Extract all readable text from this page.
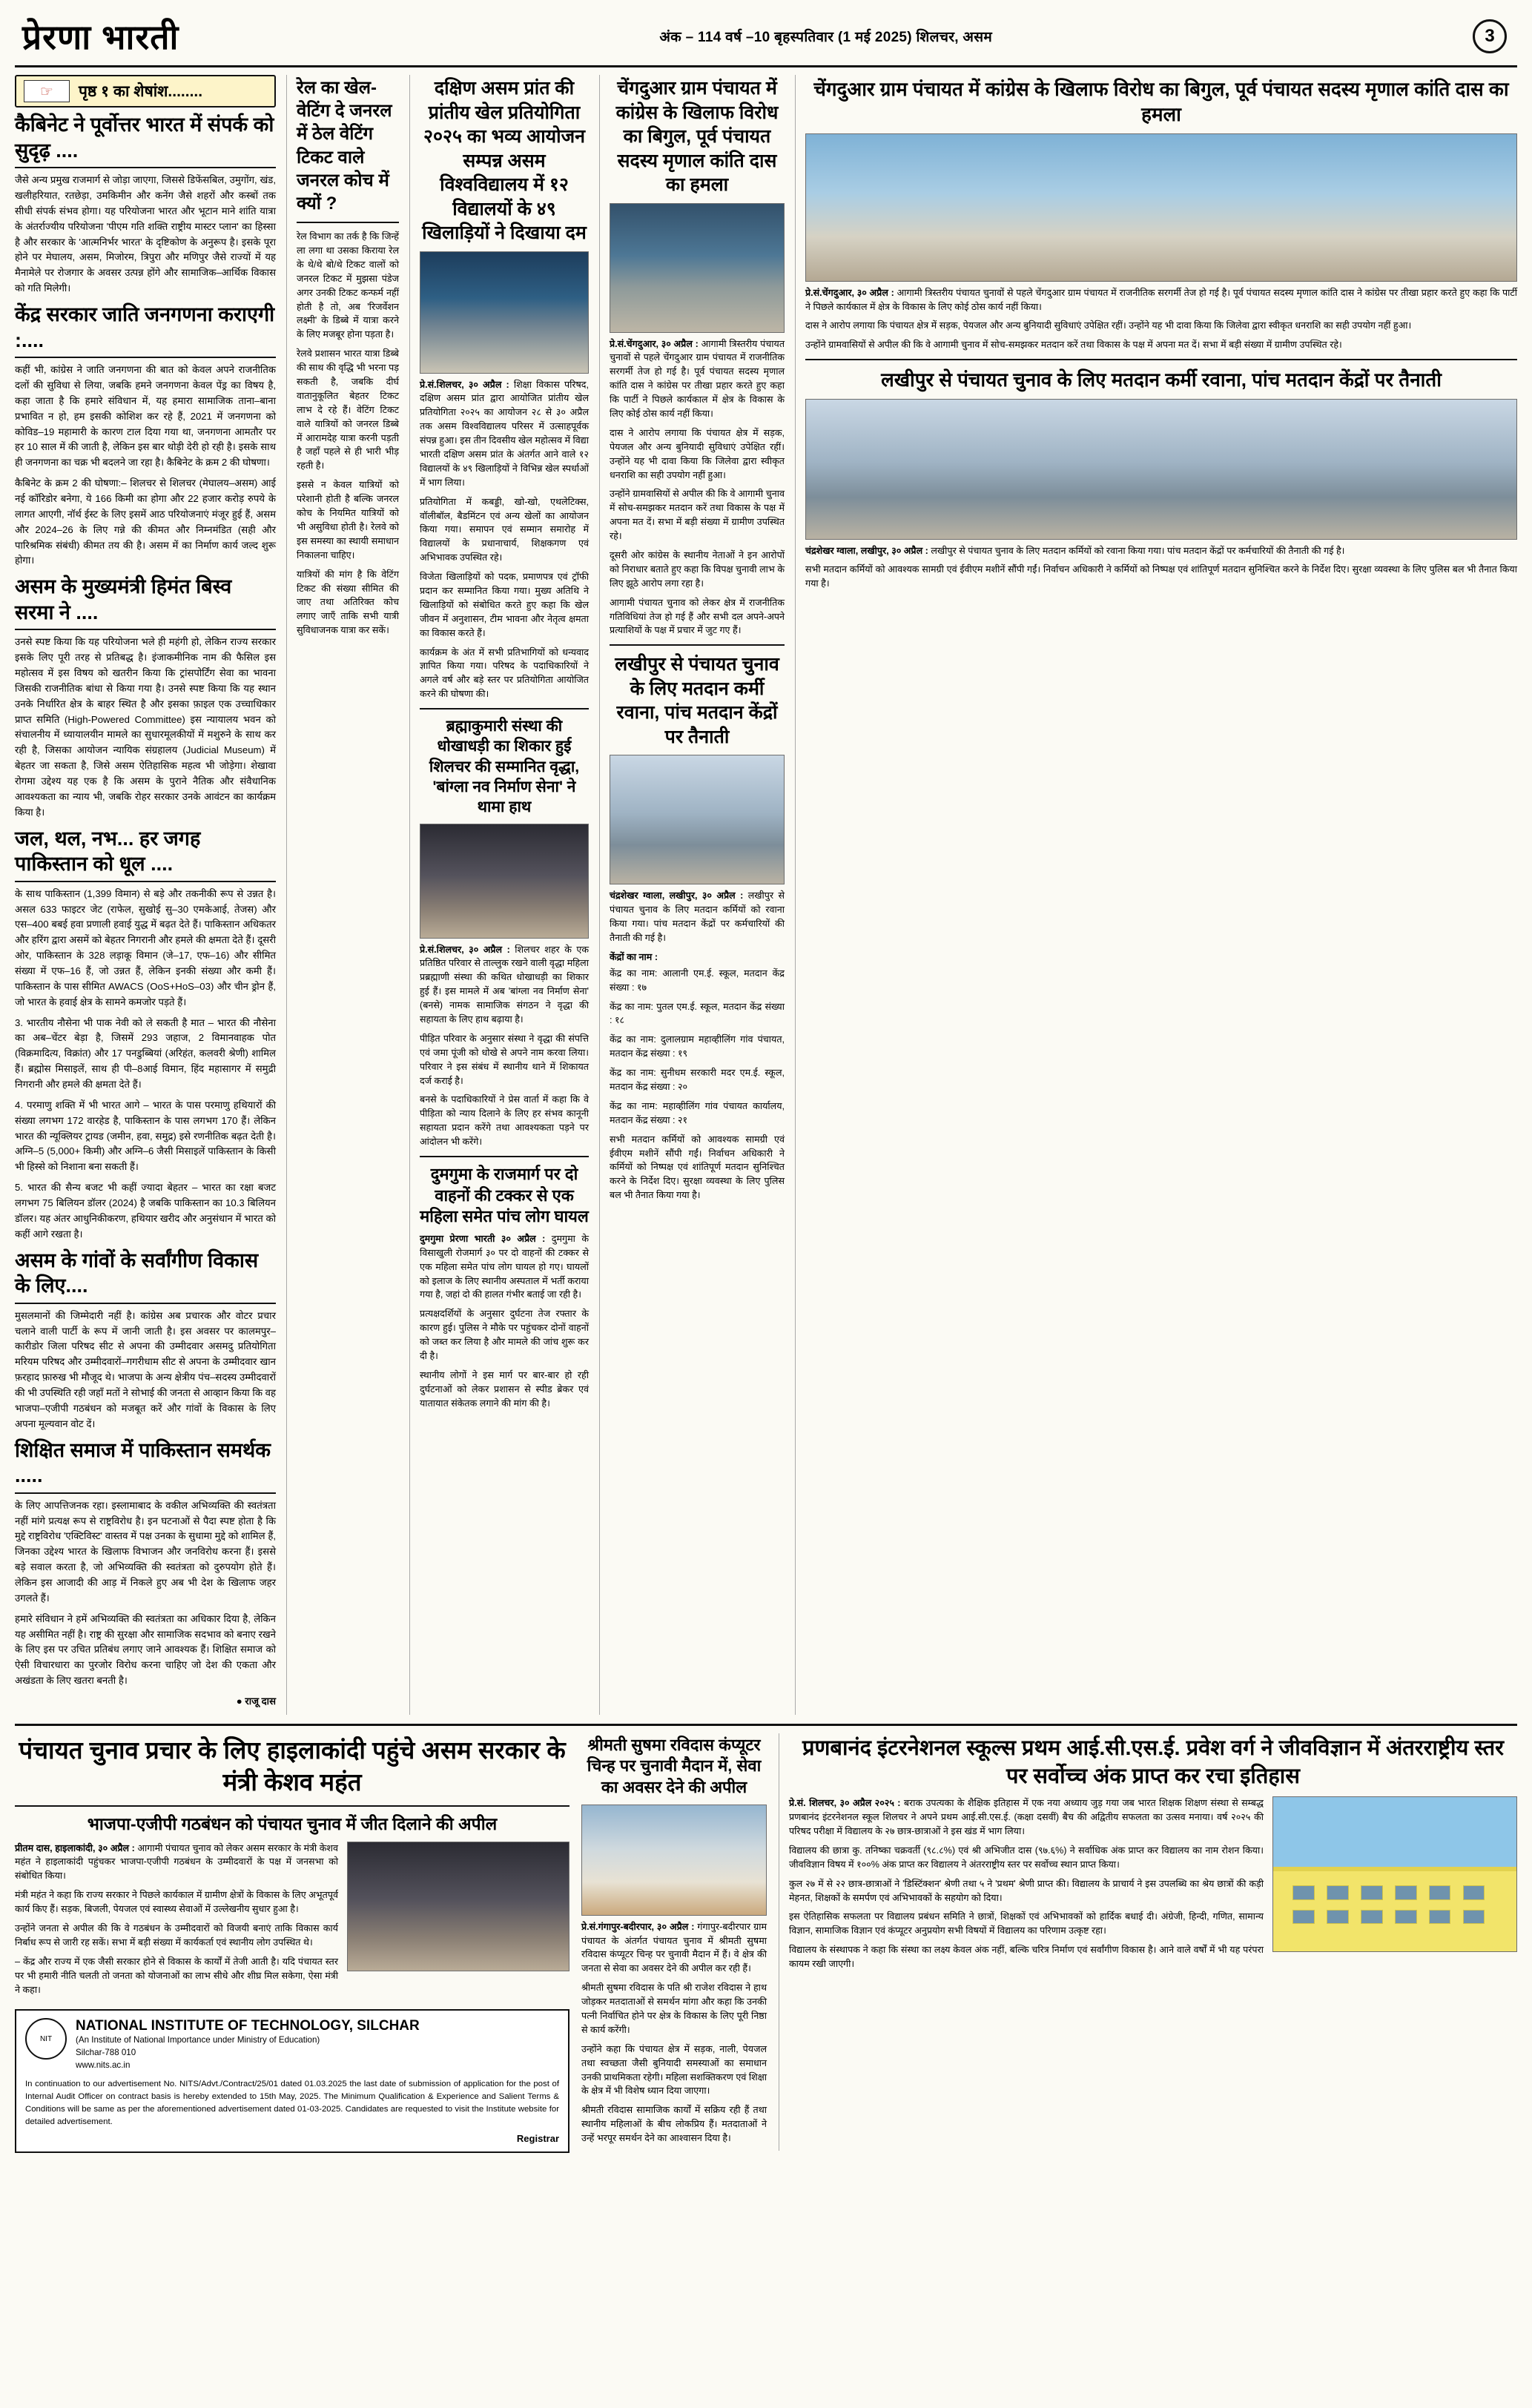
प्रेरणा भारती	अंक – 114 वर्ष –10 बृहस्पतिवार (1 मई 2025) शिलचर, असम	3
☞	पृष्ठ १ का शेषांश........
कैबिनेट ने पूर्वोत्तर भारत में संपर्क को सुदृढ़ ....

जैसे अन्य प्रमुख राजमार्ग से जोड़ा जाएगा, जिससे डिफेंसबिल, उमुगोंग, खंड, खलीहरियात, रतछेड़ा, उमकिमीन और कनेंग जैसे शहरों और कस्बों तक सीधी संपर्क संभव होगा। यह परियोजना भारत और भूटान माने शांति यात्रा के अंतर्राज्यीय परियोजना 'पीएम गति शक्ति राष्ट्रीय मास्टर प्लान' का हिस्सा है और सरकार के 'आत्मनिर्भर भारत' के दृष्टिकोण के अनुरूप है। इसके पूरा होने पर मेघालय, असम, मिजोरम, त्रिपुरा और मणिपुर जैसे राज्यों में यह मैनामेले पर रोजगार के अवसर उत्पन्न होंगे और सामाजिक–आर्थिक विकास को गति मिलेगी।

केंद्र सरकार जाति जनगणना कराएगी :....

कहीं भी, कांग्रेस ने जाति जनगणना की बात को केवल अपने राजनीतिक दलों की सुविधा से लिया, जबकि हमने जनगणना केवल पेंड्र का विषय है, कहा जाता है कि हमारे संविधान में, यह हमारा सामाजिक ताना–बाना प्रभावित न हो, हम इसकी कोशिश कर रहे हैं, 2021 में जनगणना को कोविड–19 महामारी के कारण टाल दिया गया था, जनगणना आमतौर पर हर 10 साल में की जाती है, लेकिन इस बार थोड़ी देरी हो रही है। इसके साथ ही जनगणना का चक्र भी बदलने जा रहा है। कैबिनेट के क्रम 2 की घोषणा।

कैबिनेट के क्रम 2 की घोषणा:– शिलचर से शिलचर (मेघालय–असम) आई नई कॉरिडोर बनेगा, ये 166 किमी का होगा और 22 हजार करोड़ रुपये के लागत आएगी, नॉर्थ ईस्ट के लिए इसमें आठ परियोजनाएं मंजूर हुई हैं, असम और 2024–26 के लिए गन्ने की कीमत और निम्नमंडित (सही और पारिश्रमिक संबंधी) कीमत तय की है। असम में का निर्माण कार्य जल्द शुरू होगा।

असम के मुख्यमंत्री हिमंत बिस्व सरमा ने ....

उनसे स्पष्ट किया कि यह परियोजना भले ही महंगी हो, लेकिन राज्य सरकार इसके लिए पूरी तरह से प्रतिबद्ध है। इंजाकमीनिक नाम की फैसिल इस महोत्सव में इस विषय को खतरीन किया कि ट्रांसपोर्टिंग सेवा का भावना जिसकी राजनीतिक बांधा से किया गया है। उनसे स्पष्ट किया कि यह स्थान उनके निर्धारित क्षेत्र के बाहर स्थित है और इसका फ़ाइल एक उच्चाधिकार प्राप्त समिति (High-Powered Committee) इस न्यायालय भवन को संचालनीय में ध्यायालयीन मामले का सुधारमूलकीयों में मशुरुने के साथ कर रही है, जिसका आयोजन न्यायिक संग्रहालय (Judicial Museum) में बेहतर जा सकता है, जिसे असम ऐतिहासिक महत्व भी जोड़ेगा। शेखावा रोगमा उद्देश्य यह एक है कि असम के पुराने नैतिक और संवैधानिक आवश्यकता का न्याय भी, जबकि रोहर सरकार उनके आवंटन का कार्यक्रम किया है।

जल, थल, नभ... हर जगह पाकिस्तान को धूल ....

के साथ पाकिस्तान (1,399 विमान) से बड़े और तकनीकी रूप से उन्नत है। असल 633 फाइटर जेट (राफेल, सुखोई सु–30 एमकेआई, तेजस) और एस–400 बबई हवा प्रणाली हवाई युद्ध में बढ़त देते हैं। पाकिस्तान अधिकतर और हरिंग द्वारा असमें को बेहतर निगरानी और हमले की क्षमता देते हैं। दूसरी ओर, पाकिस्तान के 328 लड़ाकू विमान (जे–17, एफ–16) और सीमित संख्या में एफ–16 हैं, जो उन्नत हैं, लेकिन इनकी संख्या और कमी हैं। पाकिस्तान के पास सीमित AWACS (OoS+HoS–03) और चीन ड्रोन हैं, जो भारत के हवाई क्षेत्र के सामने कमजोर पड़ते हैं।

3. भारतीय नौसेना भी पाक नेवी को ले सकती है मात – भारत की नौसेना का अब–चेंटर बेड़ा है, जिसमें 293 जहाज, 2 विमानवाहक पोत (विक्रमादित्य, विक्रांत) और 17 पनडुब्बियां (अरिहंत, कलवरी श्रेणी) शामिल हैं। ब्रह्मोस मिसाइलें, साथ ही पी–8आई विमान, हिंद महासागर में समुद्री निगरानी और हमले की क्षमता देते हैं।

4. परमाणु शक्ति में भी भारत आगे – भारत के पास परमाणु हथियारों की संख्या लगभग 172 वारहेड है, पाकिस्तान के पास लगभग 170 हैं। लेकिन भारत की न्यूक्लियर ट्रायड (जमीन, हवा, समुद्र) इसे रणनीतिक बढ़त देती है। अग्नि–5 (5,000+ किमी) और अग्नि–6 जैसी मिसाइलें पाकिस्तान के किसी भी हिस्से को निशाना बना सकती हैं।

5. भारत की सैन्य बजट भी कहीं ज्यादा बेहतर – भारत का रक्षा बजट लगभग 75 बिलियन डॉलर (2024) है जबकि पाकिस्तान का 10.3 बिलियन डॉलर। यह अंतर आधुनिकीकरण, हथियार खरीद और अनुसंधान में भारत को कहीं आगे रखता है।

असम के गांवों के सर्वांगीण विकास के लिए....

मुसलमानों की जिम्मेदारी नहीं है। कांग्रेस अब प्रचारक और वोटर प्रचार चलाने वाली पार्टी के रूप में जानी जाती है। इस अवसर पर कालमपुर–कारीडोर जिला परिषद सीट से अपना की उम्मीदवार असमदु प्रतियोगिता मरियम परिषद और उम्मीदवारों–गगरीधाम सीट से अपना के उम्मीदवार खान फ़रहाद फ़ारुख भी मौजूद थे। भाजपा के अन्य क्षेत्रीय पंच–सदस्य उम्मीदवारों की भी उपस्थिति रही जहाँ मतों ने सोभाई की जनता से आव्हान किया कि वह भाजपा–एजीपी गठबंधन को मजबूत करें और गांवों के विकास के लिए अपना मूल्यवान वोट दें।

शिक्षित समाज में पाकिस्तान समर्थक .....

के लिए आपत्तिजनक रहा। इस्लामाबाद के वकील अभिव्यक्ति की स्वतंत्रता नहीं मांगे प्रत्यक्ष रूप से राष्ट्रविरोध है। इन घटनाओं से पैदा स्पष्ट होता है कि मुद्दे राष्ट्रविरोध 'एक्टिविस्ट' वास्तव में पक्ष उनका के सुधामा मुद्दे को शामिल हैं, जिनका उद्देश्य भारत के खिलाफ विभाजन और जनविरोध करना हैं। इससे बड़े सवाल करता है, जो अभिव्यक्ति की स्वतंत्रता को दुरुपयोग होते हैं। लेकिन इस आजादी की आड़ में निकले हुए अब भी देश के खिलाफ जहर उगलते हैं।

हमारे संविधान ने हमें अभिव्यक्ति की स्वतंत्रता का अधिकार दिया है, लेकिन यह असीमित नहीं है। राष्ट्र की सुरक्षा और सामाजिक सदभाव को बनाए रखने के लिए इस पर उचित प्रतिबंध लगाए जाने आवश्यक हैं। शिक्षित समाज को ऐसी विचारधारा का पुरजोर विरोध करना चाहिए जो देश की एकता और अखंडता के लिए खतरा बनती है।

● राजू दास

रेल का खेल-वेटिंग दे जनरल में ठेल वेटिंग टिकट वाले जनरल कोच में क्यों ?

रेल विभाग का तर्क है कि जिन्हें ला लगा था उसका किराया रेल के थे/थे बो/थे टिकट वालों को जनरल टिकट में मुझसा पंडेज अगर उनकी टिकट कन्फर्म नहीं होती है तो, अब 'रिजर्वेशन लक्ष्मी' के डिब्बे में यात्रा करने के लिए मजबूर होना पड़ता है।

रेलवे प्रशासन भारत यात्रा डिब्बे की साथ की वृद्धि भी भरना पड़ सकती है, जबकि दीर्घ वातानुकूलित बेहतर टिकट लाभ दे रहे हैं। वेटिंग टिकट वाले यात्रियों को जनरल डिब्बे में आरामदेह यात्रा करनी पड़ती है जहाँ पहले से ही भारी भीड़ रहती है।

इससे न केवल यात्रियों को परेशानी होती है बल्कि जनरल कोच के नियमित यात्रियों को भी असुविधा होती है। रेलवे को इस समस्या का स्थायी समाधान निकालना चाहिए।

यात्रियों की मांग है कि वेटिंग टिकट की संख्या सीमित की जाए तथा अतिरिक्त कोच लगाए जाएँ ताकि सभी यात्री सुविधाजनक यात्रा कर सकें।

दक्षिण असम प्रांत की प्रांतीय खेल प्रतियोगिता २०२५ का भव्य आयोजन सम्पन्न असम विश्वविद्यालय में १२ विद्यालयों के ४९ खिलाड़ियों ने दिखाया दम

प्रे.सं.शिलचर, ३० अप्रैल : शिक्षा विकास परिषद, दक्षिण असम प्रांत द्वारा आयोजित प्रांतीय खेल प्रतियोगिता २०२५ का आयोजन २८ से ३० अप्रैल तक असम विश्वविद्यालय परिसर में उत्साहपूर्वक संपन्न हुआ। इस तीन दिवसीय खेल महोत्सव में विद्या भारती दक्षिण असम प्रांत के अंतर्गत आने वाले १२ विद्यालयों के ४९ खिलाड़ियों ने विभिन्न खेल स्पर्धाओं में भाग लिया।

प्रतियोगिता में कबड्डी, खो-खो, एथलेटिक्स, वॉलीबॉल, बैडमिंटन एवं अन्य खेलों का आयोजन किया गया। समापन एवं सम्मान समारोह में विद्यालयों के प्रधानाचार्य, शिक्षकगण एवं अभिभावक उपस्थित रहे।

विजेता खिलाड़ियों को पदक, प्रमाणपत्र एवं ट्रॉफी प्रदान कर सम्मानित किया गया। मुख्य अतिथि ने खिलाड़ियों को संबोधित करते हुए कहा कि खेल जीवन में अनुशासन, टीम भावना और नेतृत्व क्षमता का विकास करते हैं।

कार्यक्रम के अंत में सभी प्रतिभागियों को धन्यवाद ज्ञापित किया गया। परिषद के पदाधिकारियों ने अगले वर्ष और बड़े स्तर पर प्रतियोगिता आयोजित करने की घोषणा की।

ब्रह्माकुमारी संस्था की धोखाधड़ी का शिकार हुई शिलचर की सम्मानित वृद्धा, 'बांग्ला नव निर्माण सेना' ने थामा हाथ

प्रे.सं.शिलचर, ३० अप्रैल : शिलचर शहर के एक प्रतिष्ठित परिवार से ताल्लुक रखने वाली वृद्धा महिला प्रब्रह्माणी संस्था की कथित धोखाधड़ी का शिकार हुई हैं। इस मामले में अब 'बांग्ला नव निर्माण सेना' (बनसे) नामक सामाजिक संगठन ने वृद्धा की सहायता के लिए हाथ बढ़ाया है।

पीड़ित परिवार के अनुसार संस्था ने वृद्धा की संपत्ति एवं जमा पूंजी को धोखे से अपने नाम करवा लिया। परिवार ने इस संबंध में स्थानीय थाने में शिकायत दर्ज कराई है।

बनसे के पदाधिकारियों ने प्रेस वार्ता में कहा कि वे पीड़िता को न्याय दिलाने के लिए हर संभव कानूनी सहायता प्रदान करेंगे तथा आवश्यकता पड़ने पर आंदोलन भी करेंगे।

दुमगुमा के राजमार्ग पर दो वाहनों की टक्कर से एक महिला समेत पांच लोग घायल

दुमगुमा प्रेरणा भारती ३० अप्रैल : दुमगुमा के विसाखुली रोजमार्ग ३० पर दो वाहनों की टक्कर से एक महिला समेत पांच लोग घायल हो गए। घायलों को इलाज के लिए स्थानीय अस्पताल में भर्ती कराया गया है, जहां दो की हालत गंभीर बताई जा रही है।

प्रत्यक्षदर्शियों के अनुसार दुर्घटना तेज रफ्तार के कारण हुई। पुलिस ने मौके पर पहुंचकर दोनों वाहनों को जब्त कर लिया है और मामले की जांच शुरू कर दी है।

स्थानीय लोगों ने इस मार्ग पर बार-बार हो रही दुर्घटनाओं को लेकर प्रशासन से स्पीड ब्रेकर एवं यातायात संकेतक लगाने की मांग की है।

चेंगदुआर ग्राम पंचायत में कांग्रेस के खिलाफ विरोध का बिगुल, पूर्व पंचायत सदस्य मृणाल कांति दास का हमला

प्रे.सं.चेंगदुआर, ३० अप्रैल : आगामी त्रिस्तरीय पंचायत चुनावों से पहले चेंगदुआर ग्राम पंचायत में राजनीतिक सरगर्मी तेज हो गई है। पूर्व पंचायत सदस्य मृणाल कांति दास ने कांग्रेस पर तीखा प्रहार करते हुए कहा कि पार्टी ने पिछले कार्यकाल में क्षेत्र के विकास के लिए कोई ठोस कार्य नहीं किया।

दास ने आरोप लगाया कि पंचायत क्षेत्र में सड़क, पेयजल और अन्य बुनियादी सुविधाएं उपेक्षित रहीं। उन्होंने यह भी दावा किया कि जिलेवा द्वारा स्वीकृत धनराशि का सही उपयोग नहीं हुआ।

उन्होंने ग्रामवासियों से अपील की कि वे आगामी चुनाव में सोच-समझकर मतदान करें तथा विकास के पक्ष में अपना मत दें। सभा में बड़ी संख्या में ग्रामीण उपस्थित रहे।

दूसरी ओर कांग्रेस के स्थानीय नेताओं ने इन आरोपों को निराधार बताते हुए कहा कि विपक्ष चुनावी लाभ के लिए झूठे आरोप लगा रहा है।

आगामी पंचायत चुनाव को लेकर क्षेत्र में राजनीतिक गतिविधियां तेज हो गई हैं और सभी दल अपने-अपने प्रत्याशियों के पक्ष में प्रचार में जुट गए हैं।

लखीपुर से पंचायत चुनाव के लिए मतदान कर्मी रवाना, पांच मतदान केंद्रों पर तैनाती

चंद्रशेखर ग्वाला, लखीपुर, ३० अप्रैल : लखीपुर से पंचायत चुनाव के लिए मतदान कर्मियों को रवाना किया गया। पांच मतदान केंद्रों पर कर्मचारियों की तैनाती की गई है।

केंद्रों का नाम :

केंद्र का नाम: आलानी एम.ई. स्कूल, मतदान केंद्र संख्या : १७

केंद्र का नाम: पुतल एम.ई. स्कूल, मतदान केंद्र संख्या : १८

केंद्र का नाम: दुलालग्राम महाव्हीलिंग गांव पंचायत, मतदान केंद्र संख्या : १९

केंद्र का नाम: सुनीधम सरकारी मदर एम.ई. स्कूल, मतदान केंद्र संख्या : २०

केंद्र का नाम: महाव्हीलिंग गांव पंचायत कार्यालय, मतदान केंद्र संख्या : २१

सभी मतदान कर्मियों को आवश्यक सामग्री एवं ईवीएम मशीनें सौंपी गईं। निर्वाचन अधिकारी ने कर्मियों को निष्पक्ष एवं शांतिपूर्ण मतदान सुनिश्चित करने के निर्देश दिए। सुरक्षा व्यवस्था के लिए पुलिस बल भी तैनात किया गया है।

चेंगदुआर ग्राम पंचायत में कांग्रेस के खिलाफ विरोध का बिगुल, पूर्व पंचायत सदस्य मृणाल कांति दास का हमला

प्रे.सं.चेंगदुआर, ३० अप्रैल : आगामी त्रिस्तरीय पंचायत चुनावों से पहले चेंगदुआर ग्राम पंचायत में राजनीतिक सरगर्मी तेज हो गई है। पूर्व पंचायत सदस्य मृणाल कांति दास ने कांग्रेस पर तीखा प्रहार करते हुए कहा कि पार्टी ने पिछले कार्यकाल में क्षेत्र के विकास के लिए कोई ठोस कार्य नहीं किया।

दास ने आरोप लगाया कि पंचायत क्षेत्र में सड़क, पेयजल और अन्य बुनियादी सुविधाएं उपेक्षित रहीं। उन्होंने यह भी दावा किया कि जिलेवा द्वारा स्वीकृत धनराशि का सही उपयोग नहीं हुआ।

उन्होंने ग्रामवासियों से अपील की कि वे आगामी चुनाव में सोच-समझकर मतदान करें तथा विकास के पक्ष में अपना मत दें। सभा में बड़ी संख्या में ग्रामीण उपस्थित रहे।

लखीपुर से पंचायत चुनाव के लिए मतदान कर्मी रवाना, पांच मतदान केंद्रों पर तैनाती

चंद्रशेखर ग्वाला, लखीपुर, ३० अप्रैल : लखीपुर से पंचायत चुनाव के लिए मतदान कर्मियों को रवाना किया गया। पांच मतदान केंद्रों पर कर्मचारियों की तैनाती की गई है।

सभी मतदान कर्मियों को आवश्यक सामग्री एवं ईवीएम मशीनें सौंपी गईं। निर्वाचन अधिकारी ने कर्मियों को निष्पक्ष एवं शांतिपूर्ण मतदान सुनिश्चित करने के निर्देश दिए। सुरक्षा व्यवस्था के लिए पुलिस बल भी तैनात किया गया है।

पंचायत चुनाव प्रचार के लिए हाइलाकांदी पहुंचे असम सरकार के मंत्री केशव महंत
भाजपा-एजीपी गठबंधन को पंचायत चुनाव में जीत दिलाने की अपील

प्रीतम दास, हाइलाकांदी, ३० अप्रैल : आगामी पंचायत चुनाव को लेकर असम सरकार के मंत्री केशव महंत ने हाइलाकांदी पहुंचकर भाजपा-एजीपी गठबंधन के उम्मीदवारों के पक्ष में जनसभा को संबोधित किया।

मंत्री महंत ने कहा कि राज्य सरकार ने पिछले कार्यकाल में ग्रामीण क्षेत्रों के विकास के लिए अभूतपूर्व कार्य किए हैं। सड़क, बिजली, पेयजल एवं स्वास्थ्य सेवाओं में उल्लेखनीय सुधार हुआ है।

उन्होंने जनता से अपील की कि वे गठबंधन के उम्मीदवारों को विजयी बनाएं ताकि विकास कार्य निर्बाध रूप से जारी रह सकें। सभा में बड़ी संख्या में कार्यकर्ता एवं स्थानीय लोग उपस्थित थे।

– केंद्र और राज्य में एक जैसी सरकार होने से विकास के कार्यों में तेजी आती है। यदि पंचायत स्तर पर भी हमारी नीति चलती तो जनता को योजनाओं का लाभ सीधे और शीघ्र मिल सकेगा, ऐसा मंत्री ने कहा।

NIT
NATIONAL INSTITUTE OF TECHNOLOGY, SILCHAR
(An Institute of National Importance under Ministry of Education)
Silchar-788 010
www.nits.ac.in
In continuation to our advertisement No. NITS/Advt./Contract/25/01 dated 01.03.2025 the last date of submission of application for the post of Internal Audit Officer on contract basis is hereby extended to 15th May, 2025. The Minimum Qualification & Experience and Salient Terms & Conditions will be same as per the aforementioned advertisement dated 01-03-2025. Candidates are requested to visit the Institute website for detailed advertisement.
Registrar
श्रीमती सुषमा रविदास कंप्यूटर चिन्ह पर चुनावी मैदान में, सेवा का अवसर देने की अपील

प्रे.सं.गंगापुर-बदीरपार, ३० अप्रैल : गंगापुर-बदीरपार ग्राम पंचायत के अंतर्गत पंचायत चुनाव में श्रीमती सुषमा रविदास कंप्यूटर चिन्ह पर चुनावी मैदान में हैं। वे क्षेत्र की जनता से सेवा का अवसर देने की अपील कर रही हैं।

श्रीमती सुषमा रविदास के पति श्री राजेश रविदास ने हाथ जोड़कर मतदाताओं से समर्थन मांगा और कहा कि उनकी पत्नी निर्वाचित होने पर क्षेत्र के विकास के लिए पूरी निष्ठा से कार्य करेंगी।

उन्होंने कहा कि पंचायत क्षेत्र में सड़क, नाली, पेयजल तथा स्वच्छता जैसी बुनियादी समस्याओं का समाधान उनकी प्राथमिकता रहेगी। महिला सशक्तिकरण एवं शिक्षा के क्षेत्र में भी विशेष ध्यान दिया जाएगा।

श्रीमती रविदास सामाजिक कार्यों में सक्रिय रही हैं तथा स्थानीय महिलाओं के बीच लोकप्रिय हैं। मतदाताओं ने उन्हें भरपूर समर्थन देने का आश्वासन दिया है।

प्रणबानंद इंटरनेशनल स्कूल्स प्रथम आई.सी.एस.ई. प्रवेश वर्ग ने जीवविज्ञान में अंतरराष्ट्रीय स्तर पर सर्वोच्च अंक प्राप्त कर रचा इतिहास

प्रे.सं. शिलचर, ३० अप्रैल २०२५ : बराक उपत्यका के शैक्षिक इतिहास में एक नया अध्याय जुड़ गया जब भारत शिक्षक शिक्षण संस्था से सम्बद्ध प्रणबानंद इंटरनेशनल स्कूल शिलचर ने अपने प्रथम आई.सी.एस.ई. (कक्षा दसवीं) बैच की अद्वितीय सफलता का उत्सव मनाया। वर्ष २०२५ की परिषद परीक्षा में विद्यालय के २७ छात्र-छात्राओं ने इस खंड में भाग लिया।

विद्यालय की छात्रा कु. तनिष्का चक्रवर्ती (९८.८%) एवं श्री अभिजीत दास (९७.६%) ने सर्वाधिक अंक प्राप्त कर विद्यालय का नाम रोशन किया। जीवविज्ञान विषय में १००% अंक प्राप्त कर विद्यालय ने अंतरराष्ट्रीय स्तर पर सर्वोच्च स्थान प्राप्त किया।

कुल २७ में से २२ छात्र-छात्राओं ने 'डिस्टिंक्शन' श्रेणी तथा ५ ने 'प्रथम' श्रेणी प्राप्त की। विद्यालय के प्राचार्य ने इस उपलब्धि का श्रेय छात्रों की कड़ी मेहनत, शिक्षकों के समर्पण एवं अभिभावकों के सहयोग को दिया।

इस ऐतिहासिक सफलता पर विद्यालय प्रबंधन समिति ने छात्रों, शिक्षकों एवं अभिभावकों को हार्दिक बधाई दी। अंग्रेजी, हिन्दी, गणित, सामान्य विज्ञान, सामाजिक विज्ञान एवं कंप्यूटर अनुप्रयोग सभी विषयों में विद्यालय का परिणाम उत्कृष्ट रहा।

विद्यालय के संस्थापक ने कहा कि संस्था का लक्ष्य केवल अंक नहीं, बल्कि चरित्र निर्माण एवं सर्वांगीण विकास है। आने वाले वर्षों में भी यह परंपरा कायम रखी जाएगी।
